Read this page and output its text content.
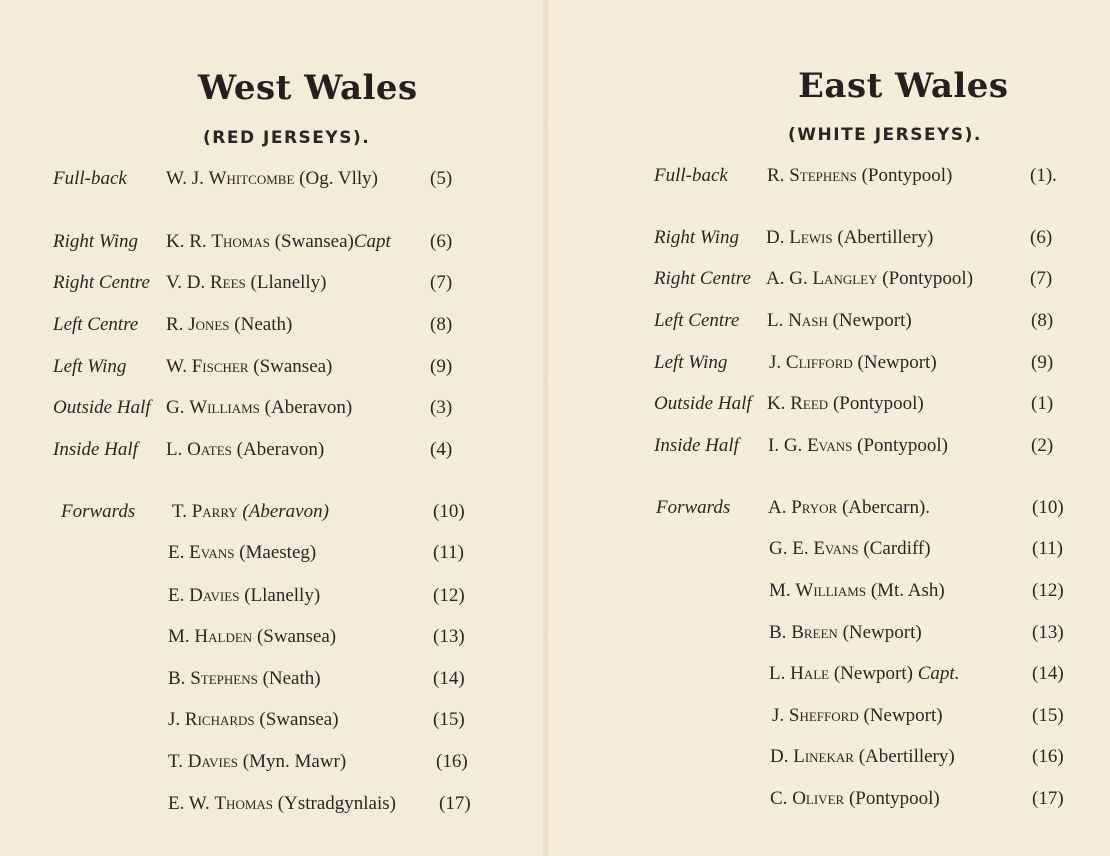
West Wales
(RED JERSEYS).
Full-back W. J. Whitcombe (Og. Vlly)	(5)
Right Wing K. R. Thomas (Swansea)Capt (6)
Right Centre V. D. Rees (Llanelly)	(7)
Left Centre R. Jones (Neath)	(8)
Left Wing W. Fischer (Swansea)	(9)
Outside Half G. Williams (Aberavon)	(3)
Inside Half L. Oates (Aberavon)	(4)
Forwards T. Parry (Aberavon)	(10)
E. Evans (Maesteg)	(11)
E. Davies (Llanelly)	(12)
M. Halden (Swansea)	(13)
B. Stephens (Neath)	(14)
J. Richards (Swansea)	(15)
T. Davies (Myn. Mawr)	(16)
E. W. Thomas (Ystradgynlais) (17)
East Wales
(WHITE JERSEYS).
Full-back R. Stephens (Pontypool)	(1).
Right Wing D. Lewis (Abertillery)	(6)
Right Centre A. G. Langley (Pontypool)	(7)
Left Centre L. Nash (Newport)	(8)
Left Wing J. Clifford (Newport)	(9)
Outside Half K. Reed (Pontypool)	(1)
Inside Half I. G. Evans (Pontypool)	(2)
Forwards A. Pryor (Abercarn).	(10)
G. E. Evans (Cardiff)	(11)
M. Williams (Mt. Ash)	(12)
B. Breen (Newport)	(13)
L. Hale (Newport) Capt.	(14)
J. Shefford (Newport)	(15)
D. Linekar (Abertillery)	(16)
C. Oliver (Pontypool)	(17)
